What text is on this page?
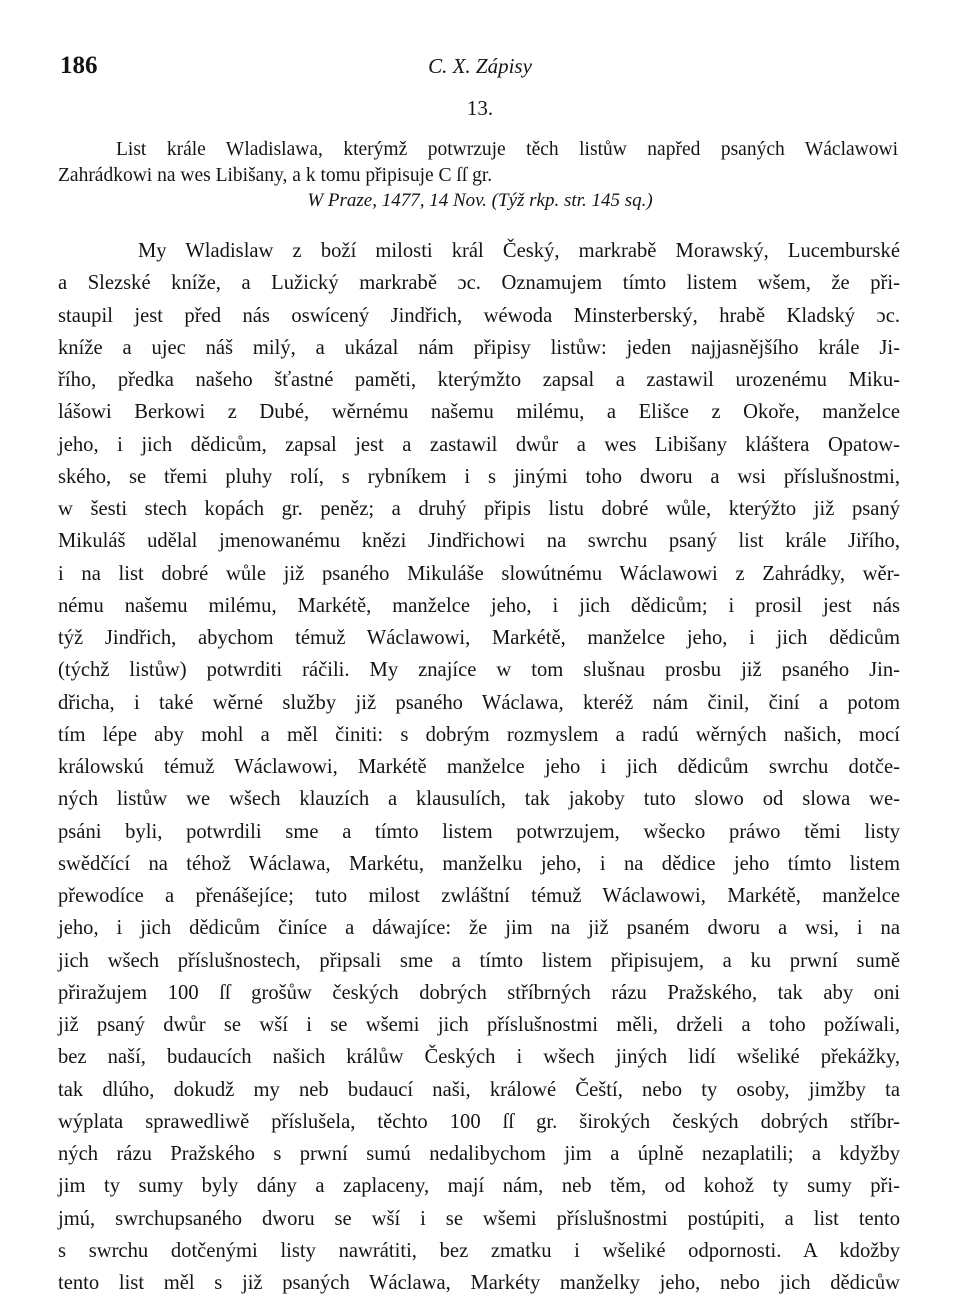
186	C. X. Zápisy
13.
List krále Wladislawa, kterýmž potwrzuje těch listůw napřed psaných Wáclawowi
Zahrádkowi na wes Libišany, a k tomu připisuje C ſſ gr.
W Praze, 1477, 14 Nov. (Týž rkp. str. 145 sq.)
My Wladislaw z boží milosti král Český, markrabě Morawský, Lucemburské
a Slezské kníže, a Lužický markrabě ɔc. Oznamujem tímto listem wšem, že při-
staupil jest před nás oswícený Jindřich, wéwoda Minsterberský, hrabě Kladský ɔc.
kníže a ujec náš milý, a ukázal nám připisy listůw: jeden najjasnějšího krále Ji-
řího, předka našeho šťastné paměti, kterýmžto zapsal a zastawil urozenému Miku-
lášowi Berkowi z Dubé, wěrnému našemu milému, a Elišce z Okoře, manželce
jeho, i jich dědicům, zapsal jest a zastawil dwůr a wes Libišany kláštera Opatow-
ského, se třemi pluhy rolí, s rybníkem i s jinými toho dworu a wsi příslušnostmi,
w šesti stech kopách gr. peněz; a druhý připis listu dobré wůle, kterýžto již psaný
Mikuláš udělal jmenowanému knězi Jindřichowi na swrchu psaný list krále Jiřího,
i na list dobré wůle již psaného Mikuláše slowútnému Wáclawowi z Zahrádky, wěr-
nému našemu milému, Markétě, manželce jeho, i jich dědicům; i prosil jest nás
týž Jindřich, abychom témuž Wáclawowi, Markétě, manželce jeho, i jich dědicům
(týchž listůw) potwrditi ráčili. My znajíce w tom slušnau prosbu již psaného Jin-
dřicha, i také wěrné služby již psaného Wáclawa, kteréž nám činil, činí a potom
tím lépe aby mohl a měl činiti: s dobrým rozmyslem a radú wěrných našich, mocí
králowskú témuž Wáclawowi, Markétě manželce jeho i jich dědicům swrchu dotče-
ných listůw we wšech klauzích a klausulích, tak jakoby tuto slowo od slowa we-
psáni byli, potwrdili sme a tímto listem potwrzujem, wšecko práwo těmi listy
swědčící na téhož Wáclawa, Markétu, manželku jeho, i na dědice jeho tímto listem
přewodíce a přenášejíce; tuto milost zwláštní témuž Wáclawowi, Markétě, manželce
jeho, i jich dědicům činíce a dáwajíce: že jim na již psaném dworu a wsi, i na
jich wšech příslušnostech, připsali sme a tímto listem připisujem, a ku prwní sumě
přiražujem 100 ſſ grošůw českých dobrých stříbrných rázu Pražského, tak aby oni
již psaný dwůr se wší i se wšemi jich příslušnostmi měli, drželi a toho požíwali,
bez naší, budaucích našich králůw Českých i wšech jiných lidí wšeliké překážky,
tak dlúho, dokudž my neb budaucí naši, králowé Čeští, nebo ty osoby, jimžby ta
wýplata sprawedliwě příslušela, těchto 100 ſſ gr. širokých českých dobrých stříbr-
ných rázu Pražského s prwní sumú nedalibychom jim a úplně nezaplatili; a kdyžby
jim ty sumy byly dány a zaplaceny, mají nám, neb těm, od kohož ty sumy při-
jmú, swrchupsaného dworu se wší i se wšemi příslušnostmi postúpiti, a list tento
s swrchu dotčenými listy nawrátiti, bez zmatku i wšeliké odpornosti. A kdožby
tento list měl s již psaných Wáclawa, Markéty manželky jeho, nebo jich dědicůw
